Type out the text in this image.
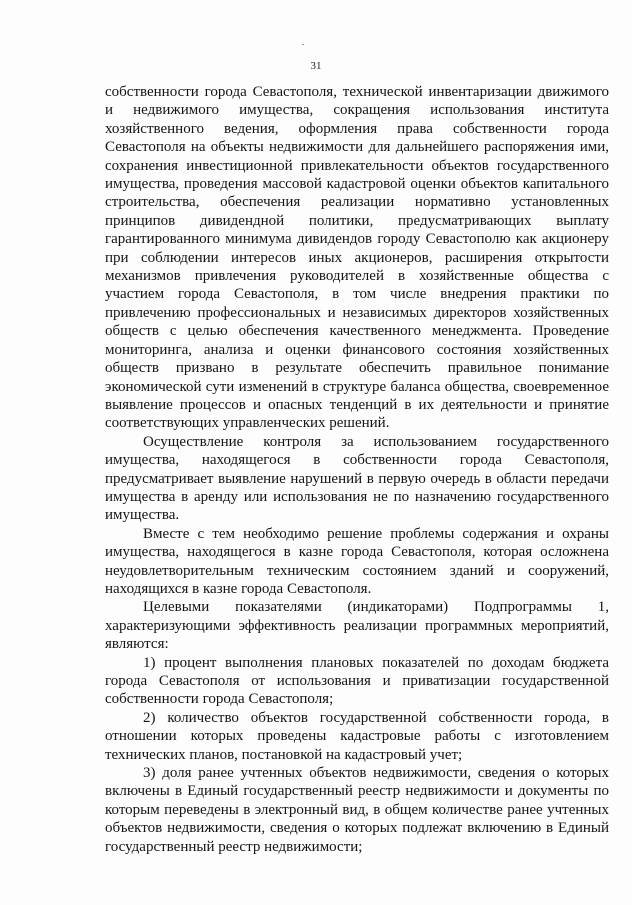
31

собственности города Севастополя, технической инвентаризации движимого и недвижимого имущества, сокращения использования института хозяйственного ведения, оформления права собственности города Севастополя на объекты недвижимости для дальнейшего распоряжения ими, сохранения инвестиционной привлекательности объектов государственного имущества, проведения массовой кадастровой оценки объектов капитального строительства, обеспечения реализации нормативно установленных принципов дивидендной политики, предусматривающих выплату гарантированного минимума дивидендов городу Севастополю как акционеру при соблюдении интересов иных акционеров, расширения открытости механизмов привлечения руководителей в хозяйственные общества с участием города Севастополя, в том числе внедрения практики по привлечению профессиональных и независимых директоров хозяйственных обществ с целью обеспечения качественного менеджмента. Проведение мониторинга, анализа и оценки финансового состояния хозяйственных обществ призвано в результате обеспечить правильное понимание экономической сути изменений в структуре баланса общества, своевременное выявление процессов и опасных тенденций в их деятельности и принятие соответствующих управленческих решений.

Осуществление контроля за использованием государственного имущества, находящегося в собственности города Севастополя, предусматривает выявление нарушений в первую очередь в области передачи имущества в аренду или использования не по назначению государственного имущества.

Вместе с тем необходимо решение проблемы содержания и охраны имущества, находящегося в казне города Севастополя, которая осложнена неудовлетворительным техническим состоянием зданий и сооружений, находящихся в казне города Севастополя.

Целевыми показателями (индикаторами) Подпрограммы 1, характеризующими эффективность реализации программных мероприятий, являются:

1) процент выполнения плановых показателей по доходам бюджета города Севастополя от использования и приватизации государственной собственности города Севастополя;

2) количество объектов государственной собственности города, в отношении которых проведены кадастровые работы с изготовлением технических планов, постановкой на кадастровый учет;

3) доля ранее учтенных объектов недвижимости, сведения о которых включены в Единый государственный реестр недвижимости и документы по которым переведены в электронный вид, в общем количестве ранее учтенных объектов недвижимости, сведения о которых подлежат включению в Единый государственный реестр недвижимости;
